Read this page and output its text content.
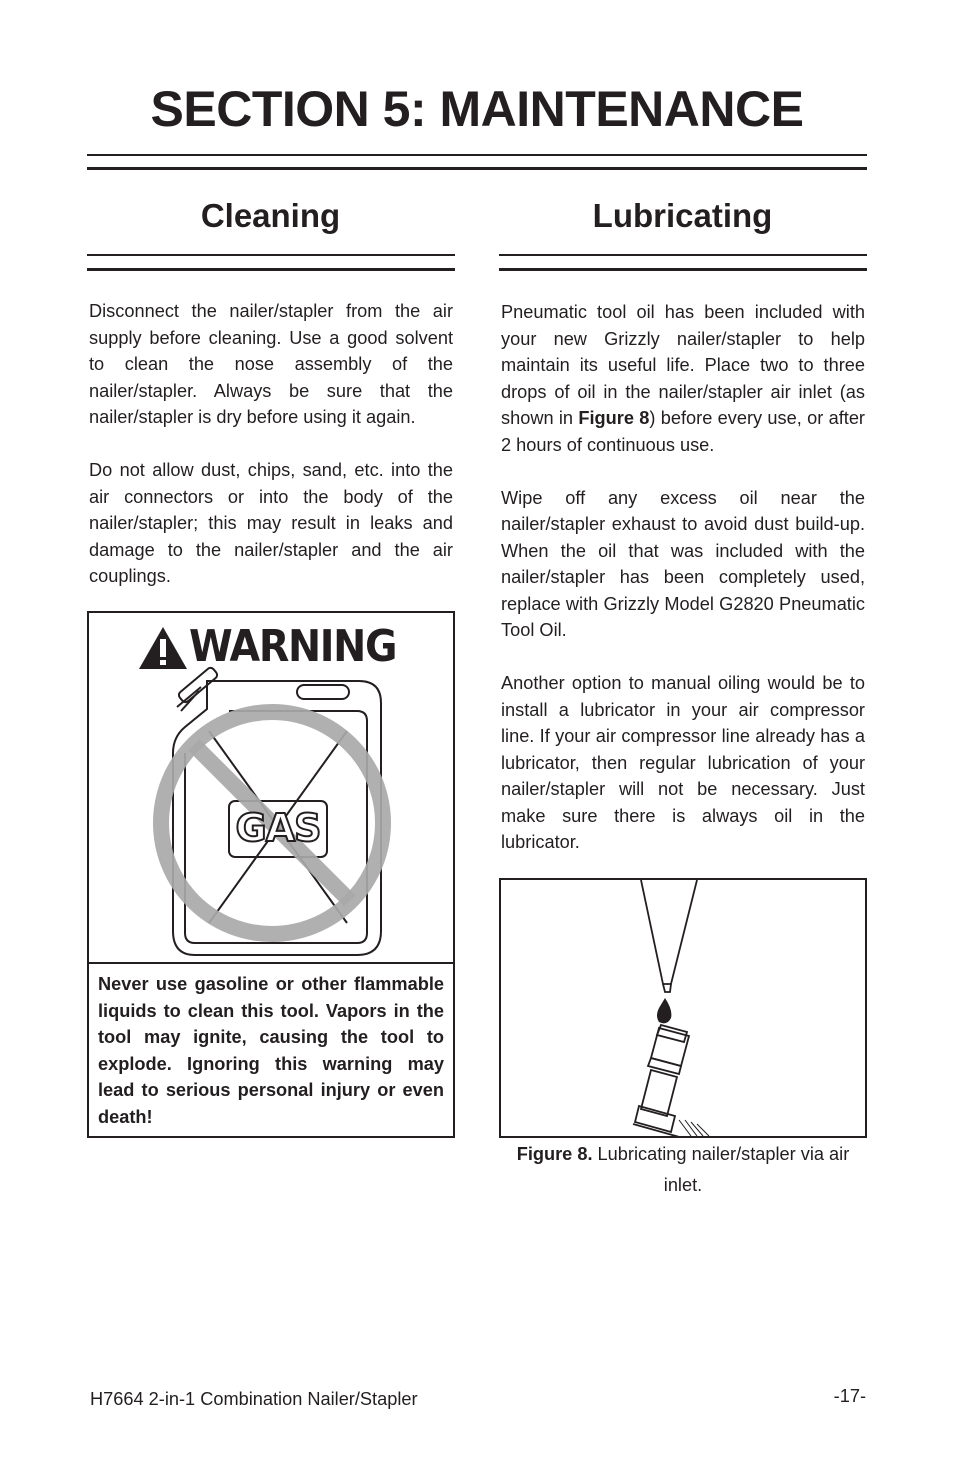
SECTION 5: MAINTENANCE
Cleaning

Disconnect the nailer/stapler from the air supply before cleaning. Use a good solvent to clean the nose assembly of the nailer/stapler. Always be sure that the nailer/stapler is dry before using it again.

Do not allow dust, chips, sand, etc. into the air connectors or into the body of the nailer/stapler; this may result in leaks and damage to the nailer/stapler and the air couplings.

WARNING
GAS
Never use gasoline or other flammable liquids to clean this tool. Vapors in the tool may ignite, causing the tool to explode. Ignoring this warning may lead to serious personal injury or even death!
Lubricating

Pneumatic tool oil has been included with your new Grizzly nailer/stapler to help maintain its useful life. Place two to three drops of oil in the nailer/stapler air inlet (as shown in Figure 8) before every use, or after 2 hours of continuous use.

Wipe off any excess oil near the nailer/stapler exhaust to avoid dust build-up. When the oil that was included with the nailer/stapler has been completely used, replace with Grizzly Model G2820 Pneumatic Tool Oil.

Another option to manual oiling would be to install a lubricator in your air compressor line. If your air compressor line already has a lubricator, then regular lubrication of your nailer/stapler will not be necessary. Just make sure there is always oil in the lubricator.

Figure 8. Lubricating nailer/stapler via air inlet.
H7664 2-in-1 Combination Nailer/Stapler	-17-
